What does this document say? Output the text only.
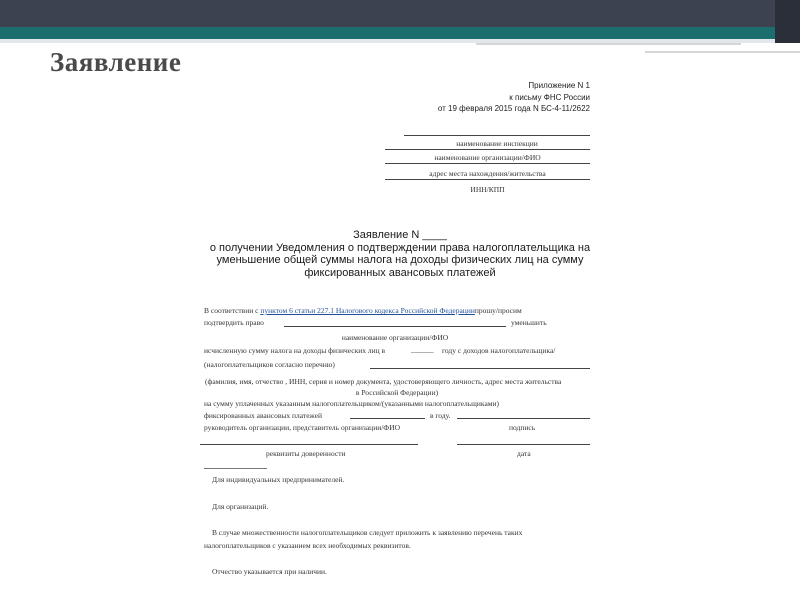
Заявление
Приложение N 1
к письму ФНС России
от 19 февраля 2015 года N БС-4-11/2622
наименование инспекции
наименование организации/ФИО
адрес места нахождения/жительства
ИНН/КПП
Заявление N ____
о получении Уведомления о подтверждении права налогоплательщика на
уменьшение общей суммы налога на доходы физических лиц на сумму
фиксированных авансовых платежей
В соответствии с пунктом 6 статьи 227.1 Налогового кодекса Российской Федерациипрошу/просим
подтвердить право	уменьшить
наименование организации/ФИО
исчисленную сумму налога на доходы физических лиц в	______ году с доходов налогоплательщика/
(налогоплательщиков согласно перечню)
(фамилия, имя, отчество , ИНН, серия и номер документа, удостоверяющего личность, адрес места жительства
в Российской Федерации)
на сумму уплаченных указанным налогоплательщиком/(указанными налогоплательщиками)
фиксированных авансовых платежей	в году.
руководитель организации, представитель организации/ФИО	подпись
реквизиты доверенности	дата
Для индивидуальных предпринимателей.
Для организаций.
В случае множественности налогоплательщиков следует приложить к заявлению перечень таких
налогоплательщиков с указанием всех необходимых реквизитов.
Отчество указывается при наличии.
